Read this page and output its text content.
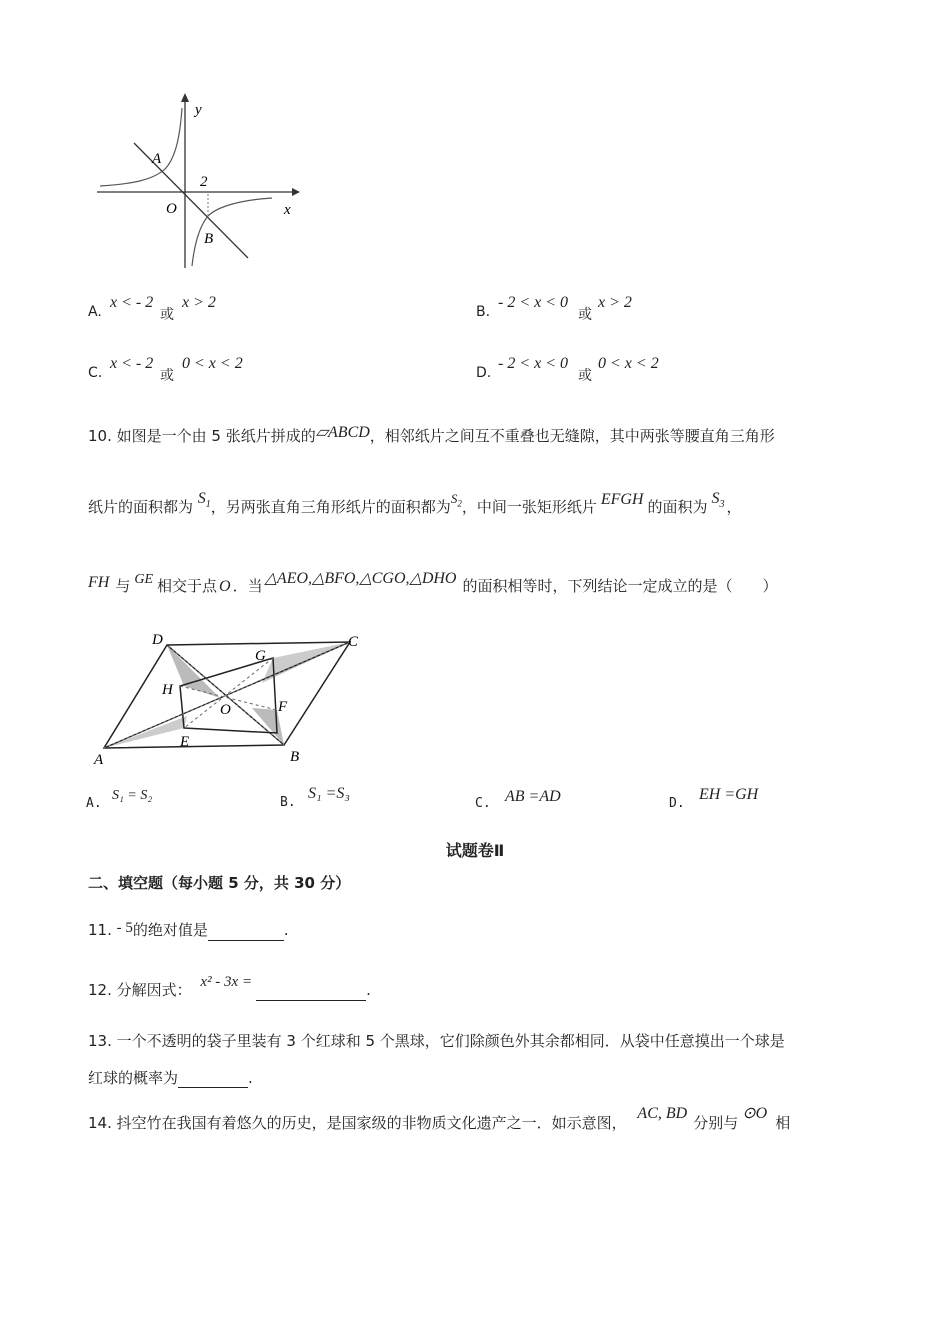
y
x
O
A
B
2
A.
x < - 2
或
x > 2
B.
- 2 < x < 0
或
x > 2
C.
x < - 2
或
0 < x < 2
D.
- 2 < x < 0
或
0 < x < 2
10. 如图是一个由 5 张纸片拼成的▱ABCD，相邻纸片之间互不重叠也无缝隙，其中两张等腰直角三角形
纸片的面积都为 $S_1$，另两张直角三角形纸片的面积都为$S_2$，中间一张矩形纸片 EFGH 的面积为 $S_3$ ，
FH 与 GE 相交于点 O ．当 △AEO,△BFO,△CGO,△DHO 的面积相等时，下列结论一定成立的是（　　）
D	C
A	B
E
F
G
H
O
A.
S₁ = S₂	B.
S₁ =S₃
C. AB =AD	D.
EH =GH
试题卷Ⅱ
二、填空题（每小题 5 分，共 30 分）
11. - 5的绝对值是	.
12. 分解因式： x² - 3x =	.
13. 一个不透明的袋子里装有 3 个红球和 5 个黑球，它们除颜色外其余都相同．从袋中任意摸出一个球是
红球的概率为	.
14. 抖空竹在我国有着悠久的历史，是国家级的非物质文化遗产之一．如示意图， AC, BD分别与⊙O相
